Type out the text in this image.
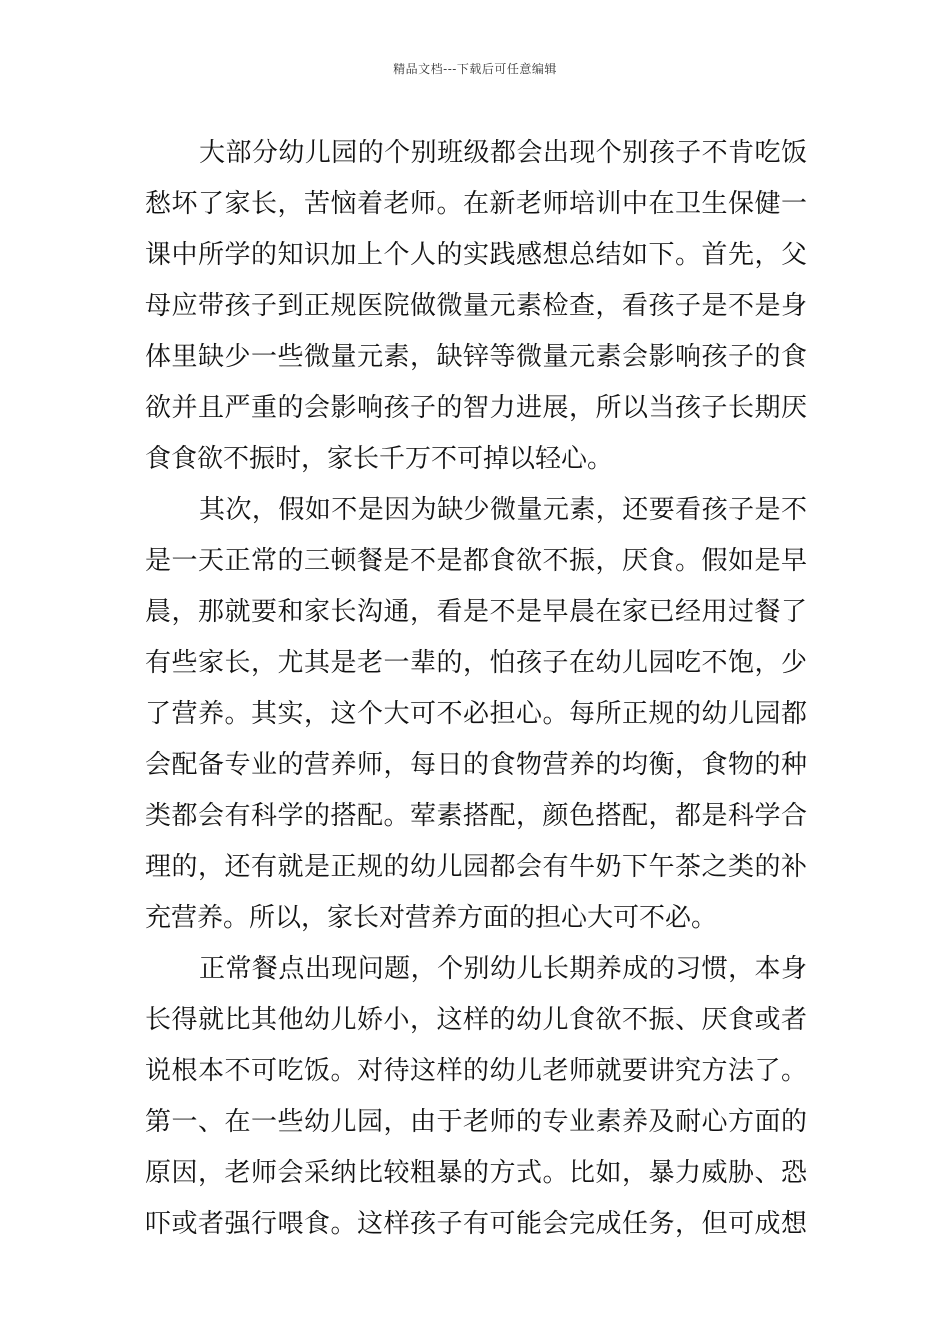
精品文档---下载后可任意编辑
大部分幼儿园的个别班级都会出现个别孩子不肯吃饭
愁坏了家长，苦恼着老师。在新老师培训中在卫生保健一
课中所学的知识加上个人的实践感想总结如下。首先，父
母应带孩子到正规医院做微量元素检查，看孩子是不是身
体里缺少一些微量元素，缺锌等微量元素会影响孩子的食
欲并且严重的会影响孩子的智力进展，所以当孩子长期厌
食食欲不振时，家长千万不可掉以轻心。
其次，假如不是因为缺少微量元素，还要看孩子是不
是一天正常的三顿餐是不是都食欲不振，厌食。假如是早
晨，那就要和家长沟通，看是不是早晨在家已经用过餐了
有些家长，尤其是老一辈的，怕孩子在幼儿园吃不饱，少
了营养。其实，这个大可不必担心。每所正规的幼儿园都
会配备专业的营养师，每日的食物营养的均衡，食物的种
类都会有科学的搭配。荤素搭配，颜色搭配，都是科学合
理的，还有就是正规的幼儿园都会有牛奶下午茶之类的补
充营养。所以，家长对营养方面的担心大可不必。
正常餐点出现问题，个别幼儿长期养成的习惯，本身
长得就比其他幼儿娇小，这样的幼儿食欲不振、厌食或者
说根本不可吃饭。对待这样的幼儿老师就要讲究方法了。
第一、在一些幼儿园，由于老师的专业素养及耐心方面的
原因，老师会采纳比较粗暴的方式。比如，暴力威胁、恐
吓或者强行喂食。这样孩子有可能会完成任务，但可成想
